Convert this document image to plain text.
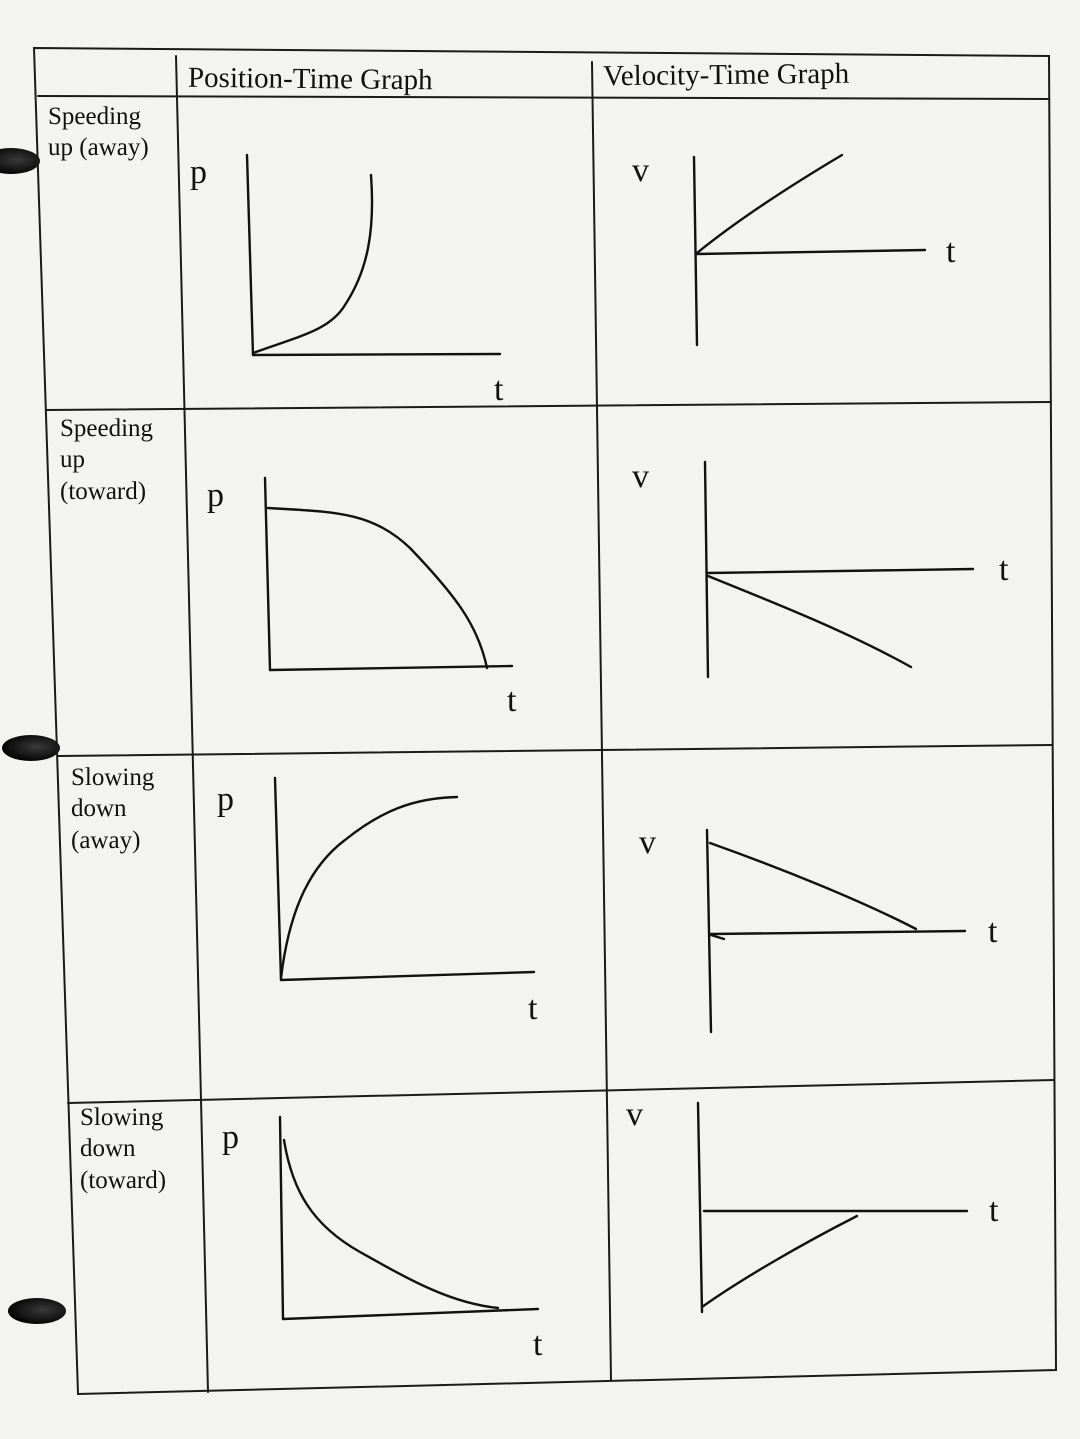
Position-Time Graph	Velocity-Time Graph
Speeding
up (away)
Speeding
up
(toward)
Slowing
down
(away)
Slowing
down
(toward)
p
t
v
t
p
t
v
t
p
t
v
t
p
t
v
t
